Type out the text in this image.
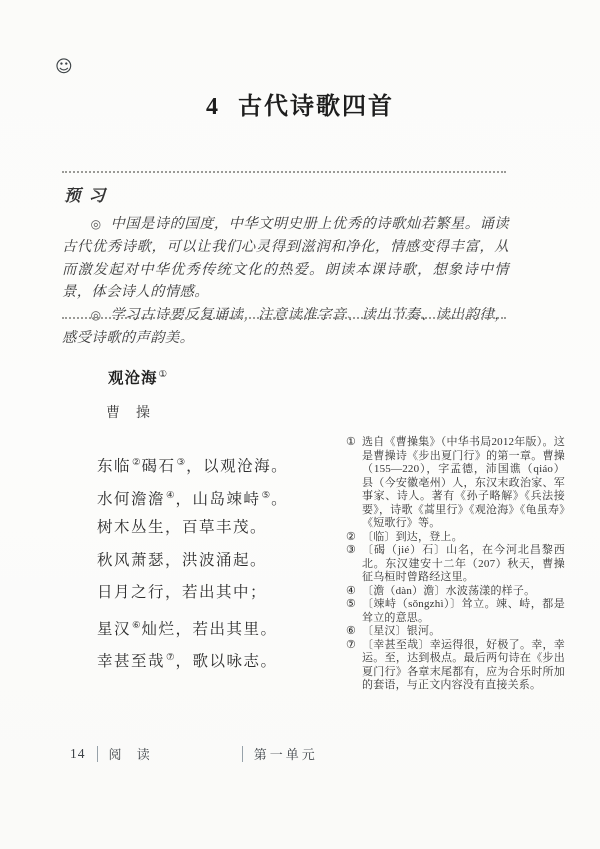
☺
4 古代诗歌四首
预 习

◎ 中国是诗的国度，中华文明史册上优秀的诗歌灿若繁星。诵读古代优秀诗歌，可以让我们心灵得到滋润和净化，情感变得丰富，从而激发起对中华优秀传统文化的热爱。朗读本课诗歌，想象诗中情景，体会诗人的情感。

◎ 学习古诗要反复诵读，注意读准字音、读出节奏、读出韵律，感受诗歌的声韵美。

观沧海①
曹　操
东临②碣石③，以观沧海。
水何澹澹④，山岛竦峙⑤。
树木丛生，百草丰茂。
秋风萧瑟，洪波涌起。
日月之行，若出其中；
星汉⑥灿烂，若出其里。
幸甚至哉⑦，歌以咏志。
① 选自《曹操集》（中华书局2012年版）。这是曹操诗《步出夏门行》的第一章。曹操（155—220），字孟德，沛国谯（qiáo）县（今安徽亳州）人，东汉末政治家、军事家、诗人。著有《孙子略解》《兵法接要》，诗歌《蒿里行》《观沧海》《龟虽寿》《短歌行》等。
② 〔临〕到达，登上。
③ 〔碣（jié）石〕山名，在今河北昌黎西北。东汉建安十二年（207）秋天，曹操征乌桓时曾路经这里。
④ 〔澹（dàn）澹〕水波荡漾的样子。
⑤ 〔竦峙（sǒngzhì）〕耸立。竦、峙，都是耸立的意思。
⑥ 〔星汉〕银河。
⑦ 〔幸甚至哉〕幸运得很，好极了。幸，幸运。至，达到极点。最后两句诗在《步出夏门行》各章末尾都有，应为合乐时所加的套语，与正文内容没有直接关系。
14 阅 读	第一单元
